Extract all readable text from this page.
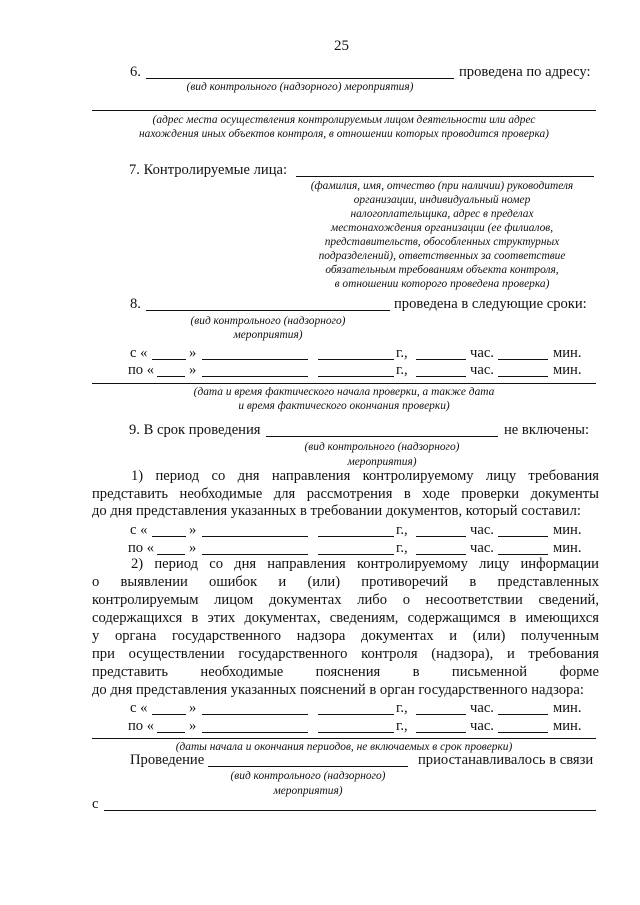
25
6.	проведена по адресу:
(вид контрольного (надзорного) мероприятия)
(адрес места осуществления контролируемым лицом деятельности или адрес
нахождения иных объектов контроля, в отношении которых проводится проверка)
7. Контролируемые лица:
(фамилия, имя, отчество (при наличии) руководителя
организации, индивидуальный номер
налогоплательщика, адрес в пределах
местонахождения организации (ее филиалов,
представительств, обособленных структурных
подразделений), ответственных за соответствие
обязательным требованиям объекта контроля,
в отношении которого проведена проверка)
8.	проведена в следующие сроки:
(вид контрольного (надзорного)
мероприятия)
с «	»	г.,	час.	мин.
по « »	г.,	час.	мин.
(дата и время фактического начала проверки, а также дата
и время фактического окончания проверки)
9. В срок проведения	не включены:
(вид контрольного (надзорного)
мероприятия)
1) период со дня направления контролируемому лицу требования
представить необходимые для рассмотрения в ходе проверки документы
до дня представления указанных в требовании документов, который составил:
с «	»	г.,	час.	мин.
по « »	г.,	час.	мин.
2) период со дня направления контролируемому лицу информации
о выявлении ошибок и (или) противоречий в представленных
контролируемым лицом документах либо о несоответствии сведений,
содержащихся в этих документах, сведениям, содержащимся в имеющихся
у органа государственного надзора документах и (или) полученным
при осуществлении государственного контроля (надзора), и требования
представить необходимые пояснения в письменной форме
до дня представления указанных пояснений в орган государственного надзора:
с «	»	г.,	час.	мин.
по « »	г.,	час.	мин.
(даты начала и окончания периодов, не включаемых в срок проверки)
Проведение	приостанавливалось в связи
(вид контрольного (надзорного)
мероприятия)
с
